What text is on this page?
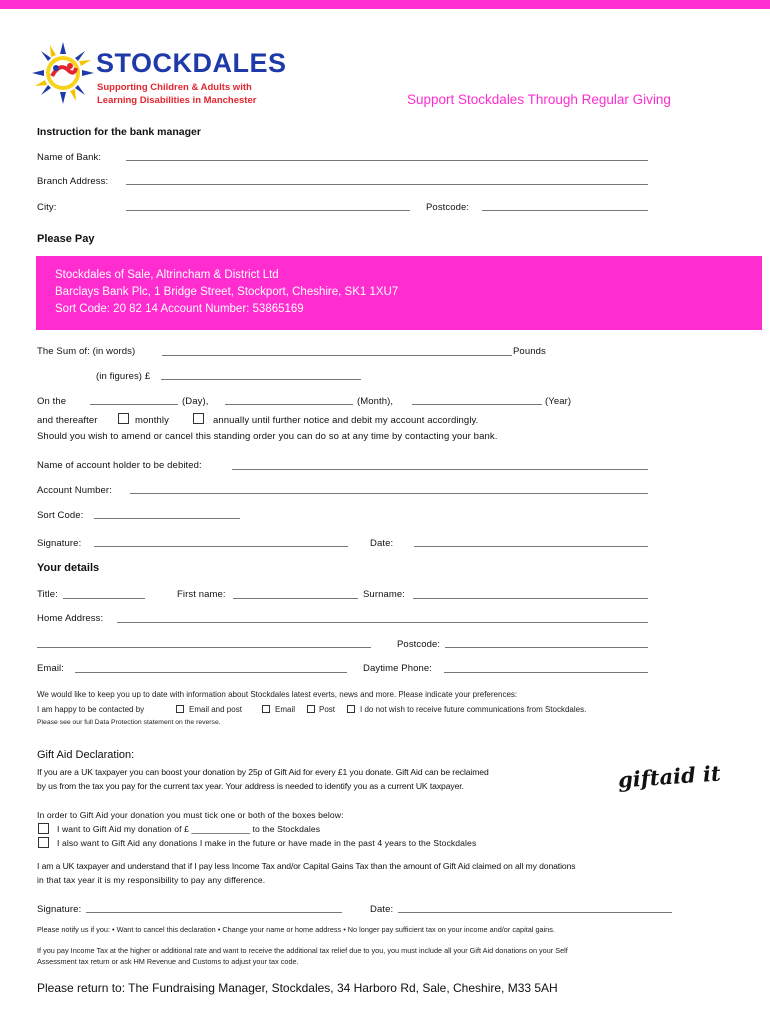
STOCKDALES
Supporting Children & Adults with
Learning Disabilities in Manchester	Support Stockdales Through Regular Giving
Instruction for the bank manager
Name of Bank:
Branch Address:
City:	Postcode:
Please Pay
Stockdales of Sale, Altrincham & District Ltd
Barclays Bank Plc, 1 Bridge Street, Stockport, Cheshire, SK1 1XU7
Sort Code: 20 82 14 Account Number: 53865169
The Sum of: (in words)	Pounds
(in figures) £
On the	(Day),	(Month),	(Year)
and thereafter	monthly	annually until further notice and debit my account accordingly.
Should you wish to amend or cancel this standing order you can do so at any time by contacting your bank.
Name of account holder to be debited:
Account Number:
Sort Code:
Signature:	Date:
Your details
Title:	First name:	Surname:
Home Address:
Postcode:
Email:	Daytime Phone:
We would like to keep you up to date with information about Stockdales latest everts, news and more. Please indicate your preferences:
I am happy to be contacted by	Email and post	Email	Post	I do not wish to receive future communications from Stockdales.
Please see our full Data Protection statement on the reverse.
Gift Aid Declaration:
If you are a UK taxpayer you can boost your donation by 25p of Gift Aid for every £1 you donate. Gift Aid can be reclaimed
by us from the tax you pay for the current tax year. Your address is needed to identify you as a current UK taxpayer.	giftaid it
In order to Gift Aid your donation you must tick one or both of the boxes below:
I want to Gift Aid my donation of £ ____________ to the Stockdales
I also want to Gift Aid any donations I make in the future or have made in the past 4 years to the Stockdales
I am a UK taxpayer and understand that if I pay less Income Tax and/or Capital Gains Tax than the amount of Gift Aid claimed on all my donations
in that tax year it is my responsibility to pay any difference.
Signature:	Date:
Please notify us if you: • Want to cancel this declaration • Change your name or home address • No longer pay sufficient tax on your income and/or capital gains.
If you pay Income Tax at the higher or additional rate and want to receive the additional tax relief due to you, you must include all your Gift Aid donations on your Self
Assessment tax return or ask HM Revenue and Customs to adjust your tax code.
Please return to: The Fundraising Manager, Stockdales, 34 Harboro Rd, Sale, Cheshire, M33 5AH
